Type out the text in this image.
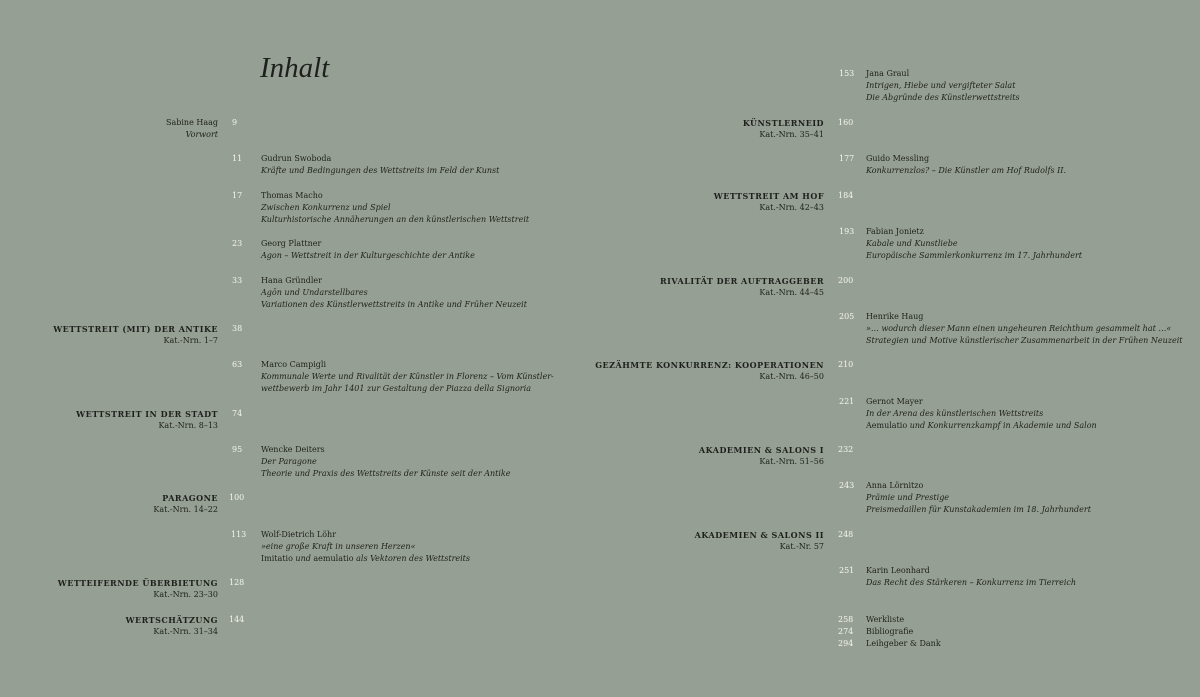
Inhalt
Sabine Haag
Vorwort
9
11 Gudrun Swoboda
Kräfte und Bedingungen des Wettstreits im Feld der Kunst
17 Thomas Macho
Zwischen Konkurrenz und Spiel
Kulturhistorische Annäherungen an den künstlerischen Wettstreit
23 Georg Plattner
Agon – Wettstreit in der Kulturgeschichte der Antike
33 Hana Gründler
Agōn und Undarstellbares
Variationen des Künstlerwettstreits in Antike und Früher Neuzeit
WETTSTREIT (MIT) DER ANTIKE
Kat.-Nrn. 1–7
38
63 Marco Campigli
Kommunale Werte und Rivalität der Künstler in Florenz – Vom Künstler-
wettbewerb im Jahr 1401 zur Gestaltung der Piazza della Signoria
WETTSTREIT IN DER STADT
Kat.-Nrn. 8–13
74
95 Wencke Deiters
Der Paragone
Theorie und Praxis des Wettstreits der Künste seit der Antike
PARAGONE
Kat.-Nrn. 14–22
100
113 Wolf-Dietrich Löhr
»eine große Kraft in unseren Herzen«
Imitatio und aemulatio als Vektoren des Wettstreits
WETTEIFERNDE ÜBERBIETUNG
Kat.-Nrn. 23–30
128
WERTSCHÄTZUNG
Kat.-Nrn. 31–34
144
153 Jana Graul
Intrigen, Hiebe und vergifteter Salat
Die Abgründe des Künstlerwettstreits
KÜNSTLERNEID
Kat.-Nrn. 35–41
160
177 Guido Messling
Konkurrenzlos? – Die Künstler am Hof Rudolfs II.
WETTSTREIT AM HOF
Kat.-Nrn. 42–43
184
193 Fabian Jonietz
Kabale und Kunstliebe
Europäische Sammlerkonkurrenz im 17. Jahrhundert
RIVALITÄT DER AUFTRAGGEBER
Kat.-Nrn. 44–45
200
205 Henrike Haug
»… wodurch dieser Mann einen ungeheuren Reichthum gesammelt hat …«
Strategien und Motive künstlerischer Zusammenarbeit in der Frühen Neuzeit
GEZÄHMTE KONKURRENZ: KOOPERATIONEN
Kat.-Nrn. 46–50
210
221 Gernot Mayer
In der Arena des künstlerischen Wettstreits
Aemulatio und Konkurrenzkampf in Akademie und Salon
AKADEMIEN & SALONS I
Kat.-Nrn. 51–56
232
243 Anna Lörnitzo
Prämie und Prestige
Preismedaillen für Kunstakademien im 18. Jahrhundert
AKADEMIEN & SALONS II
Kat.-Nr. 57
248
251 Karin Leonhard
Das Recht des Stärkeren – Konkurrenz im Tierreich
258 Werkliste
274 Bibliografie
294 Leihgeber & Dank
